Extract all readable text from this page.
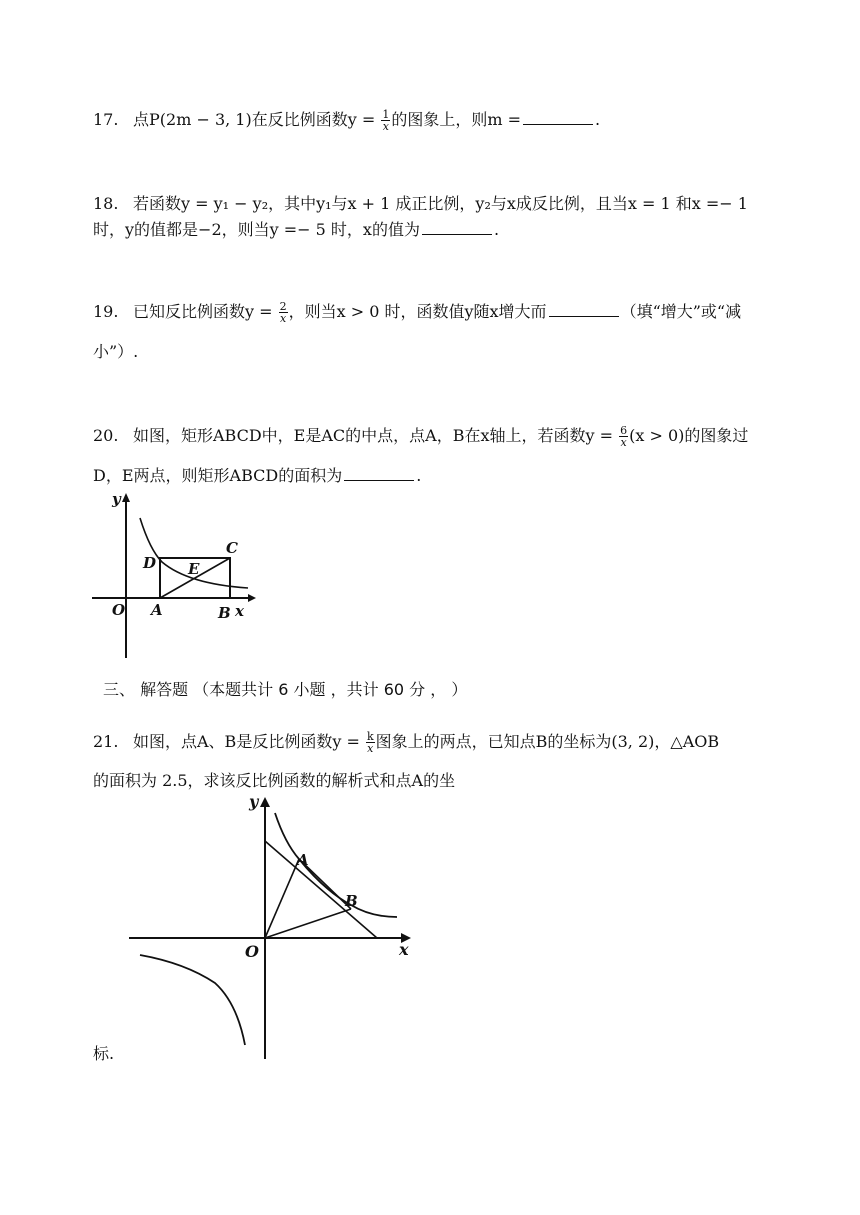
17. 点P(2m − 3, 1)在反比例函数$y = \frac{1}{x}$ 的图象上，则m =	.
18. 若函数y = y₁ − y₂，其中y₁与x + 1 成正比例，y₂与x成反比例，且当x = 1 和x =− 1
时，y的值都是−2，则当y =− 5 时，x的值为	.
19. 已知反比例函数$y = \frac{2}{x}$ ，则当x > 0 时，函数值y随x增大而	（填“增大”或“减
小”）.
20. 如图，矩形ABCD中，E是AC的中点，点A，B在x轴上，若函数$y = \frac{6}{x} (x > 0)$的图象过
D，E两点，则矩形ABCD的面积为	.
y
x
O A	B
C
D E
三、 解答题 （本题共计 6 小题 ，共计 60 分 ， ）
21. 如图，点A、B是反比例函数$y = \frac{k}{x}$ 图象上的两点，已知点B的坐标为(3, 2)，△AOB
的面积为 2.5，求该反比例函数的解析式和点A的坐
y
x
O
A
B
标.
